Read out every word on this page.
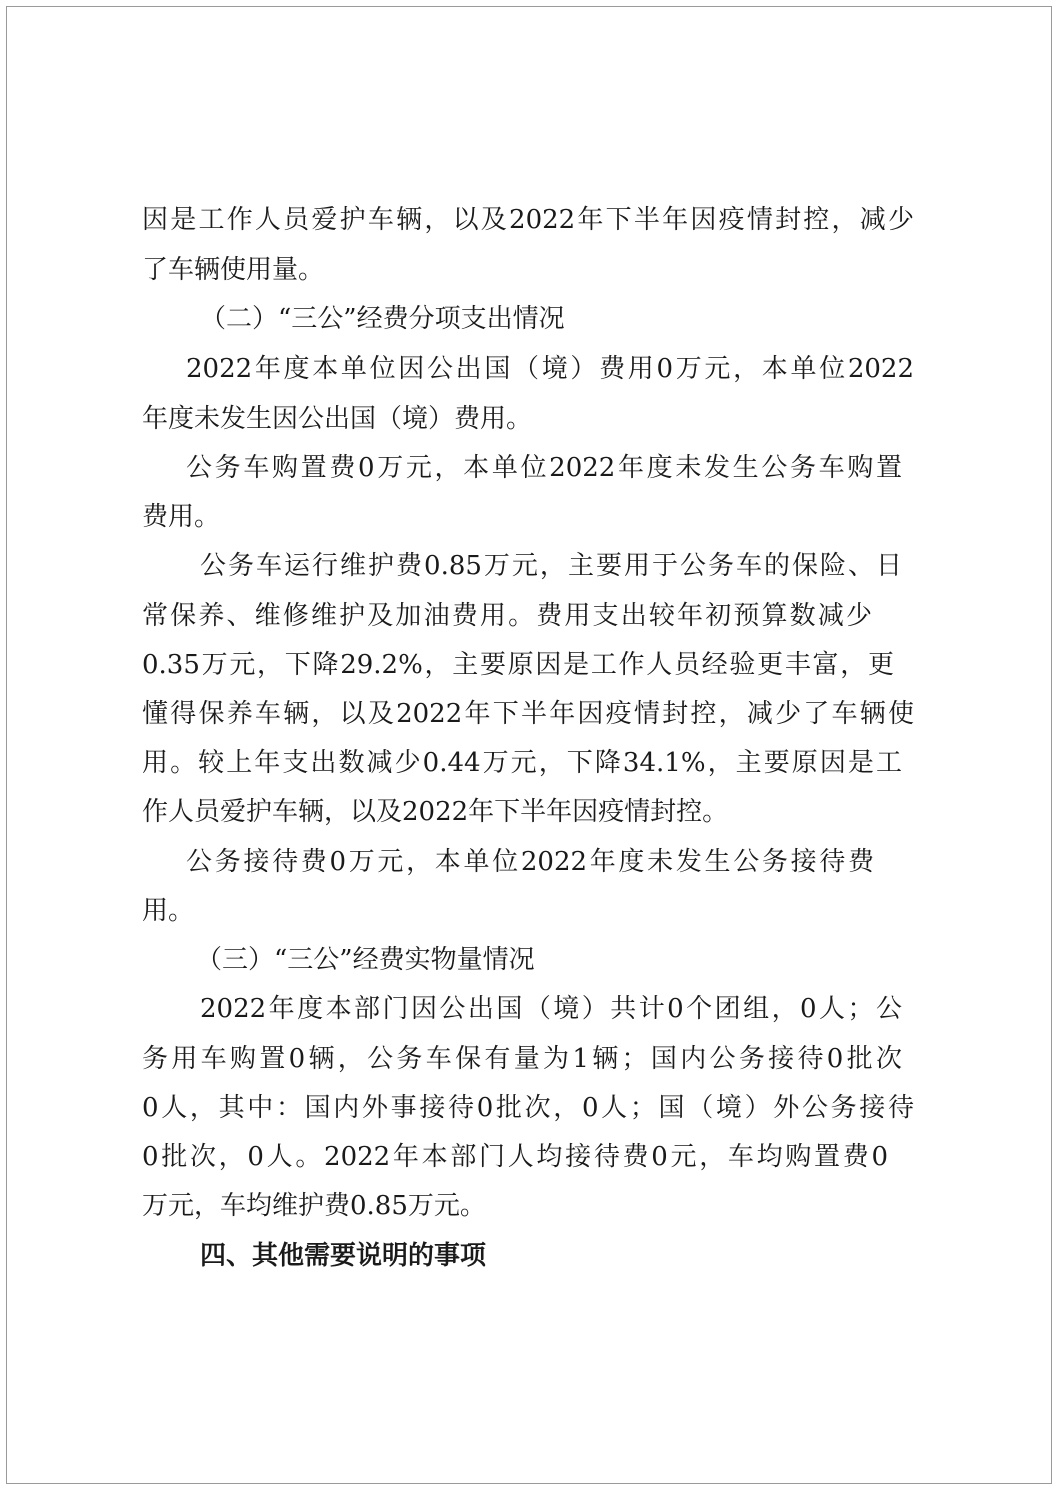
因是工作人员爱护车辆，以及2022年下半年因疫情封控，减少
了车辆使用量。
（二）“三公”经费分项支出情况
2022年度本单位因公出国（境）费用0万元，本单位2022
年度未发生因公出国（境）费用。
公务车购置费0万元，本单位2022年度未发生公务车购置
费用。
公务车运行维护费0.85万元，主要用于公务车的保险、日
常保养、维修维护及加油费用。费用支出较年初预算数减少
0.35万元，下降29.2%，主要原因是工作人员经验更丰富，更
懂得保养车辆，以及2022年下半年因疫情封控，减少了车辆使
用。较上年支出数减少0.44万元，下降34.1%，主要原因是工
作人员爱护车辆，以及2022年下半年因疫情封控。
公务接待费0万元，本单位2022年度未发生公务接待费
用。
（三）“三公”经费实物量情况
2022年度本部门因公出国（境）共计0个团组，0人；公
务用车购置0辆，公务车保有量为1辆；国内公务接待0批次
0人，其中：国内外事接待0批次，0人；国（境）外公务接待
0批次，0人。2022年本部门人均接待费0元，车均购置费0
万元，车均维护费0.85万元。
四、其他需要说明的事项
